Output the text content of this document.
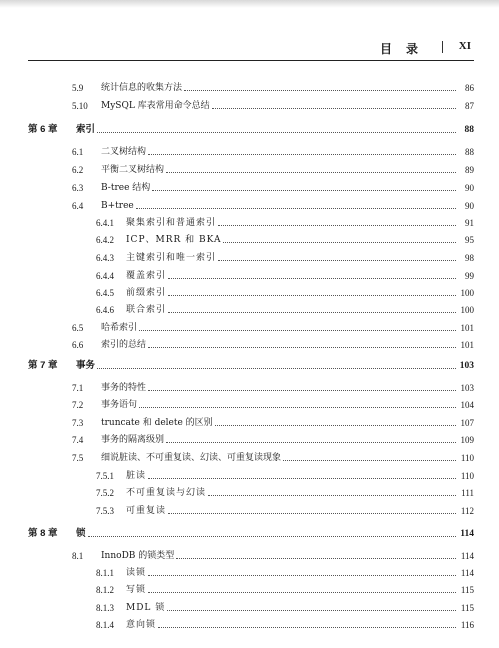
目录 XI
5.9	统计信息的收集方法	86
5.10	MySQL 库表常用命令总结	87
第 6 章	索引	88
6.1	二叉树结构	88
6.2	平衡二叉树结构	89
6.3	B-tree 结构	90
6.4	B+tree	90
6.4.1	聚集索引和普通索引	91
6.4.2	ICP、MRR 和 BKA	95
6.4.3	主键索引和唯一索引	98
6.4.4	覆盖索引	99
6.4.5	前缀索引	100
6.4.6	联合索引	100
6.5	哈希索引	101
6.6	索引的总结	101
第 7 章	事务	103
7.1	事务的特性	103
7.2	事务语句	104
7.3	truncate 和 delete 的区别	107
7.4	事务的隔离级别	109
7.5	细说脏读、不可重复读、幻读、可重复读现象	110
7.5.1	脏读	110
7.5.2	不可重复读与幻读	111
7.5.3	可重复读	112
第 8 章	锁	114
8.1	InnoDB 的锁类型	114
8.1.1	读锁	114
8.1.2	写锁	115
8.1.3	MDL 锁	115
8.1.4	意向锁	116
